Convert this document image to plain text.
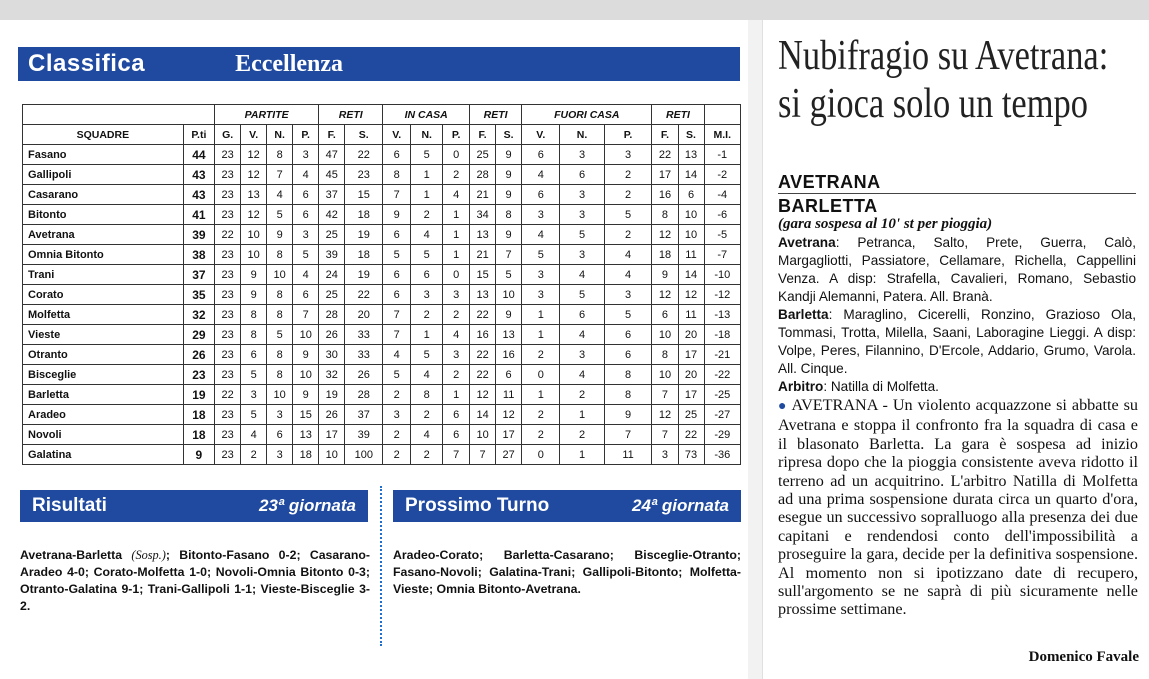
Classifica	Eccellenza
		PARTITE				RETI		IN CASA			RETI		FUORI CASA			RETI		
SQUADRE	P.ti	G.	V.	N.	P.	F.	S.	V.	N.	P.	F.	S.	V.	N.	P.	F.	S.	M.I.
Fasano	44	23	12	8	3	47	22	6	5	0	25	9	6	3	3	22	13	-1
Gallipoli	43	23	12	7	4	45	23	8	1	2	28	9	4	6	2	17	14	-2
Casarano	43	23	13	4	6	37	15	7	1	4	21	9	6	3	2	16	6	-4
Bitonto	41	23	12	5	6	42	18	9	2	1	34	8	3	3	5	8	10	-6
Avetrana	39	22	10	9	3	25	19	6	4	1	13	9	4	5	2	12	10	-5
Omnia Bitonto	38	23	10	8	5	39	18	5	5	1	21	7	5	3	4	18	11	-7
Trani	37	23	9	10	4	24	19	6	6	0	15	5	3	4	4	9	14	-10
Corato	35	23	9	8	6	25	22	6	3	3	13	10	3	5	3	12	12	-12
Molfetta	32	23	8	8	7	28	20	7	2	2	22	9	1	6	5	6	11	-13
Vieste	29	23	8	5	10	26	33	7	1	4	16	13	1	4	6	10	20	-18
Otranto	26	23	6	8	9	30	33	4	5	3	22	16	2	3	6	8	17	-21
Bisceglie	23	23	5	8	10	32	26	5	4	2	22	6	0	4	8	10	20	-22
Barletta	19	22	3	10	9	19	28	2	8	1	12	11	1	2	8	7	17	-25
Aradeo	18	23	5	3	15	26	37	3	2	6	14	12	2	1	9	12	25	-27
Novoli	18	23	4	6	13	17	39	2	4	6	10	17	2	2	7	7	22	-29
Galatina	9	23	2	3	18	10	100	2	2	7	7	27	0	1	11	3	73	-36
Risultati	23ª giornata
Avetrana-Barletta (Sosp.); Bitonto-Fasano 0-2; Casarano-Aradeo 4-0; Corato-Molfetta 1-0; Novoli-Omnia Bitonto 0-3; Otranto-Galatina 9-1; Trani-Gallipoli 1-1; Vieste-Bisceglie 3-2.
Prossimo Turno	24ª giornata
Aradeo-Corato; Barletta-Casarano; Bisceglie-Otranto; Fasano-Novoli; Galatina-Trani; Gallipoli-Bitonto; Molfetta-Vieste; Omnia Bitonto-Avetrana.
Nubifragio su Avetrana:
si gioca solo un tempo
AVETRANA
BARLETTA
(gara sospesa al 10' st per pioggia)
Avetrana: Petranca, Salto, Prete, Guerra, Calò, Margagliotti, Passiatore, Cellamare, Richella, Cappellini Venza. A disp: Strafella, Cavalieri, Romano, Sebastio Kandji Alemanni, Patera. All. Branà.
Barletta: Maraglino, Cicerelli, Ronzino, Grazioso Ola, Tommasi, Trotta, Milella, Saani, Laboragine Lieggi. A disp: Volpe, Peres, Filannino, D'Ercole, Addario, Grumo, Varola. All. Cinque.
Arbitro: Natilla di Molfetta.
● AVETRANA - Un violento acquazzone si abbatte su Avetrana e stoppa il confronto fra la squadra di casa e il blasonato Barletta. La gara è sospesa ad inizio ripresa dopo che la pioggia consistente aveva ridotto il terreno ad un acquitrino. L'arbitro Natilla di Molfetta ad una prima sospensione durata circa un quarto d'ora, esegue un successivo sopralluogo alla presenza dei due capitani e rendendosi conto dell'impossibilità a proseguire la gara, decide per la definitiva sospensione. Al momento non si ipotizzano date di recupero, sull'argomento se ne saprà di più sicuramente nelle prossime settimane.
Domenico Favale
